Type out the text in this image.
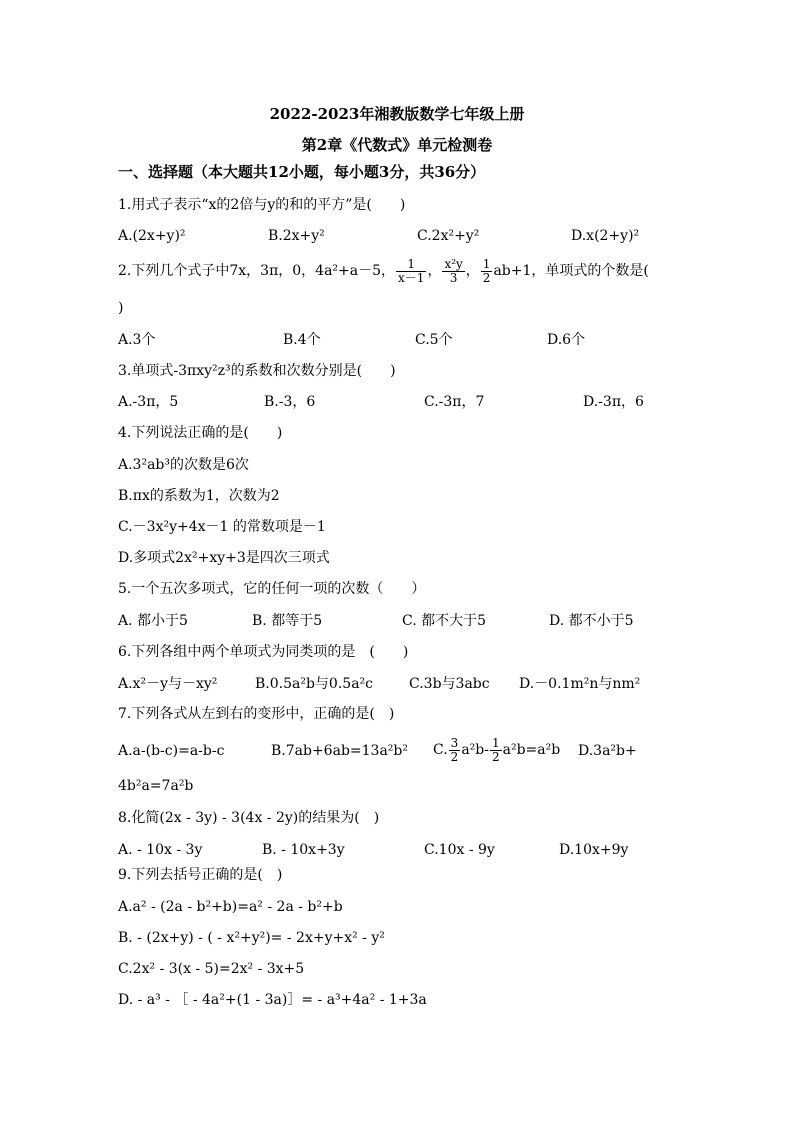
2022-2023年湘教版数学七年级上册
第2章《代数式》单元检测卷
一、选择题（本大题共12小题，每小题3分，共36分）
1.用式子表示“x的2倍与y的和的平方”是(　　)
A.(2x+y)²	B.2x+y²	C.2x²+y²	D.x(2+y)²
2.下列几个式子中7x，3π，0，4a²+a－5， $\frac{1}{x-1}$ ， $\frac{\text{x²y}}{3}$ ， $\frac{1}{2} ab+1$，单项式的个数是(
)
A.3个	B.4个	C.5个	D.6个
3.单项式-3πxy²z³的系数和次数分别是(　　)
A.-3π，5	B.-3，6	C.-3π，7	D.-3π，6
4.下列说法正确的是(　　)
A.3²ab³的次数是6次
B.πx的系数为1，次数为2
C.－3x²y+4x－1 的常数项是－1
D.多项式2x²+xy+3是四次三项式
5.一个五次多项式，它的任何一项的次数（　　）
A. 都小于5	B. 都等于5	C. 都不大于5	D. 都不小于5
6.下列各组中两个单项式为同类项的是　(　　)
A.x²－y与－xy²	B.0.5a²b与0.5a²c	C.3b与3abc D.－0.1m²n与nm²
7.下列各式从左到右的变形中，正确的是(　)
A.a-(b-c)=a-b-c	B.7ab+6ab=13a²b² C. $\frac{3}{2} a^2b- \frac{1}{2} a^2b=a^2b$ D.3a²b+
4b²a=7a²b
8.化简(2x - 3y) - 3(4x - 2y)的结果为(　)
A. - 10x - 3y	B. - 10x+3y	C.10x - 9y	D.10x+9y
9.下列去括号正确的是(　)
A.a² - (2a - b²+b)=a² - 2a - b²+b
B. - (2x+y) - ( - x²+y²)= - 2x+y+x² - y²
C.2x² - 3(x - 5)=2x² - 3x+5
D. - a³ - ［ - 4a²+(1 - 3a)］= - a³+4a² - 1+3a
